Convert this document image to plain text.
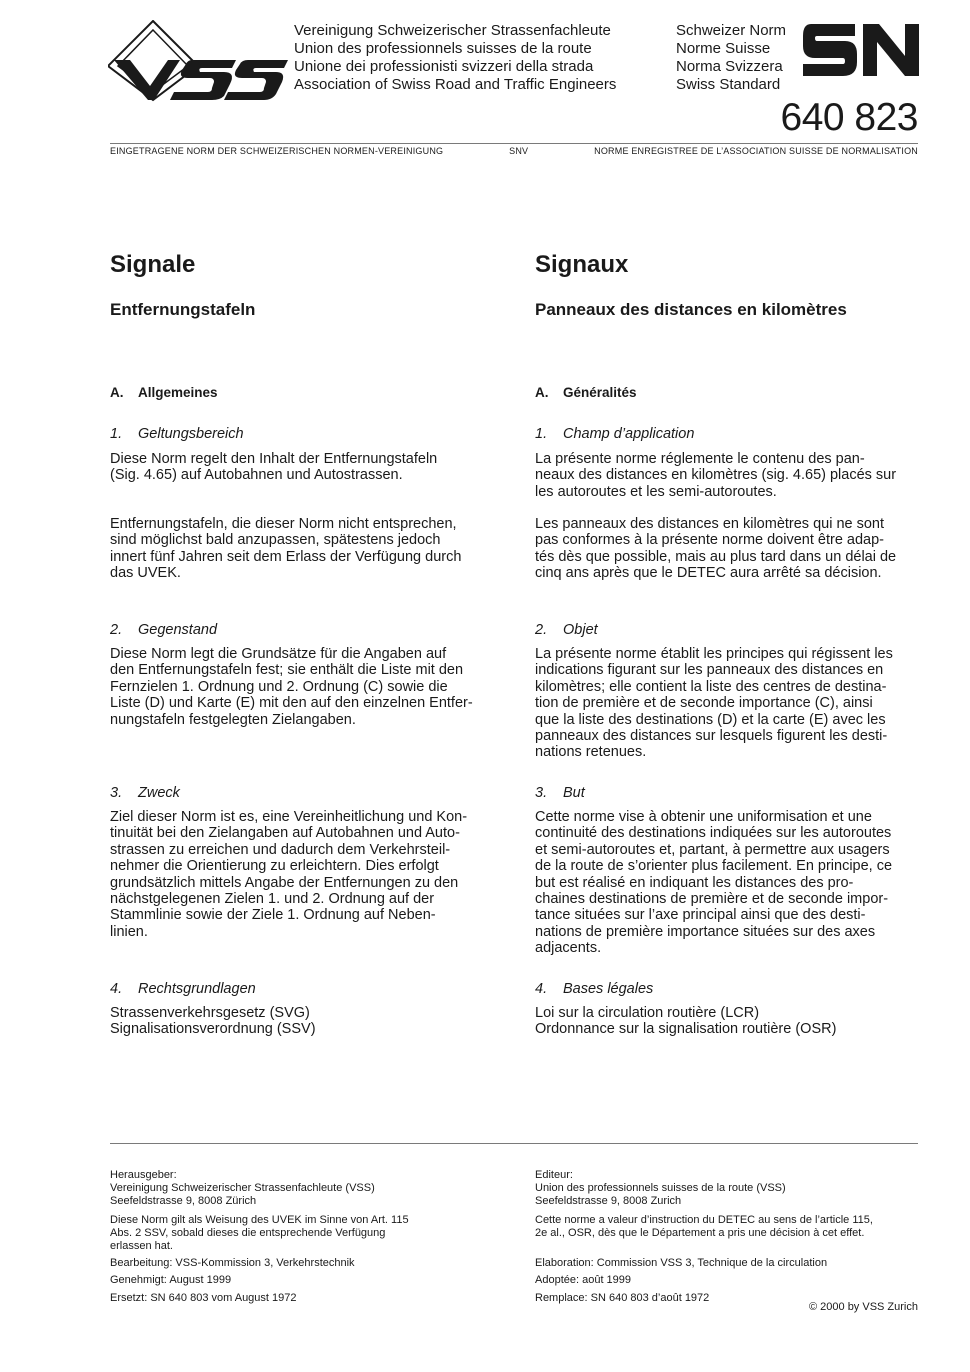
Vereinigung Schweizerischer Strassenfachleute
Union des professionnels suisses de la route
Unione dei professionisti svizzeri della strada
Association of Swiss Road and Traffic Engineers
Schweizer Norm
Norme Suisse
Norma Svizzera
Swiss Standard
640 823
EINGETRAGENE NORM DER SCHWEIZERISCHEN NORMEN-VEREINIGUNG	SNV	NORME ENREGISTREE DE L’ASSOCIATION SUISSE DE NORMALISATION
Signale
Entfernungstafeln
A. Allgemeines
1. Geltungsbereich
Diese Norm regelt den Inhalt der Entfernungstafeln
(Sig. 4.65) auf Autobahnen und Autostrassen.
Entfernungstafeln, die dieser Norm nicht entsprechen,
sind möglichst bald anzupassen, spätestens jedoch
innert fünf Jahren seit dem Erlass der Verfügung durch
das UVEK.
2. Gegenstand
Diese Norm legt die Grundsätze für die Angaben auf
den Entfernungstafeln fest; sie enthält die Liste mit den
Fernzielen 1. Ordnung und 2. Ordnung (C) sowie die
Liste (D) und Karte (E) mit den auf den einzelnen Entfer-
nungstafeln festgelegten Zielangaben.
3. Zweck
Ziel dieser Norm ist es, eine Vereinheitlichung und Kon-
tinuität bei den Zielangaben auf Autobahnen und Auto-
strassen zu erreichen und dadurch dem Verkehrsteil-
nehmer die Orientierung zu erleichtern. Dies erfolgt
grundsätzlich mittels Angabe der Entfernungen zu den
nächstgelegenen Zielen 1. und 2. Ordnung auf der
Stammlinie sowie der Ziele 1. Ordnung auf Neben-
linien.
4. Rechtsgrundlagen
Strassenverkehrsgesetz (SVG)
Signalisationsverordnung (SSV)
Signaux
Panneaux des distances en kilomètres
A. Généralités
1. Champ d’application
La présente norme réglemente le contenu des pan-
neaux des distances en kilomètres (sig. 4.65) placés sur
les autoroutes et les semi-autoroutes.
Les panneaux des distances en kilomètres qui ne sont
pas conformes à la présente norme doivent être adap-
tés dès que possible, mais au plus tard dans un délai de
cinq ans après que le DETEC aura arrêté sa décision.
2. Objet
La présente norme établit les principes qui régissent les
indications figurant sur les panneaux des distances en
kilomètres; elle contient la liste des centres de destina-
tion de première et de seconde importance (C), ainsi
que la liste des destinations (D) et la carte (E) avec les
panneaux des distances sur lesquels figurent les desti-
nations retenues.
3. But
Cette norme vise à obtenir une uniformisation et une
continuité des destinations indiquées sur les autoroutes
et semi-autoroutes et, partant, à permettre aux usagers
de la route de s’orienter plus facilement. En principe, ce
but est réalisé en indiquant les distances des pro-
chaines destinations de première et de seconde impor-
tance situées sur l’axe principal ainsi que des desti-
nations de première importance situées sur des axes
adjacents.
4. Bases légales
Loi sur la circulation routière (LCR)
Ordonnance sur la signalisation routière (OSR)
Herausgeber:
Vereinigung Schweizerischer Strassenfachleute (VSS)
Seefeldstrasse 9, 8008 Zürich
Diese Norm gilt als Weisung des UVEK im Sinne von Art. 115
Abs. 2 SSV, sobald dieses die entsprechende Verfügung
erlassen hat.
Bearbeitung: VSS-Kommission 3, Verkehrstechnik
Genehmigt: August 1999
Ersetzt: SN 640 803 vom August 1972
Editeur:
Union des professionnels suisses de la route (VSS)
Seefeldstrasse 9, 8008 Zurich
Cette norme a valeur d’instruction du DETEC au sens de l’article 115,
2e al., OSR, dès que le Département a pris une décision à cet effet.
Elaboration: Commission VSS 3, Technique de la circulation
Adoptée: août 1999
Remplace: SN 640 803 d’août 1972
© 2000 by VSS Zurich
